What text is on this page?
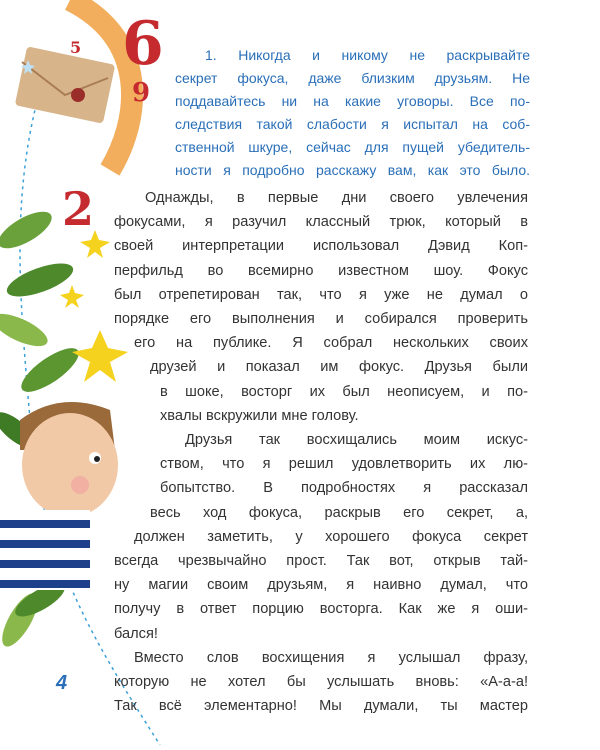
6
5
9
2
1. Никогда и никому не раскрывайте
секрет фокуса, даже близким друзьям. Не
поддавайтесь ни на какие уговоры. Все по-
следствия такой слабости я испытал на соб-
ственной шкуре, сейчас для пущей убедитель-
ности я подробно расскажу вам, как это было.
Однажды, в первые дни своего увлечения
фокусами, я разучил классный трюк, который в
своей интерпретации использовал Дэвид Коп-
перфильд во всемирно известном шоу. Фокус
был отрепетирован так, что я уже не думал о
порядке его выполнения и собирался проверить
его на публике. Я собрал нескольких своих
друзей и показал им фокус. Друзья были
в шоке, восторг их был неописуем, и по-
хвалы вскружили мне голову.
Друзья так восхищались моим искус-
ством, что я решил удовлетворить их лю-
бопытство. В подробностях я рассказал
весь ход фокуса, раскрыв его секрет, а,
должен заметить, у хорошего фокуса секрет
всегда чрезвычайно прост. Так вот, открыв тай-
ну магии своим друзьям, я наивно думал, что
получу в ответ порцию восторга. Как же я оши-
бался!
Вместо слов восхищения я услышал фразу,
которую не хотел бы услышать вновь: «А-а-а!
Так всё элементарно! Мы думали, ты мастер
4
